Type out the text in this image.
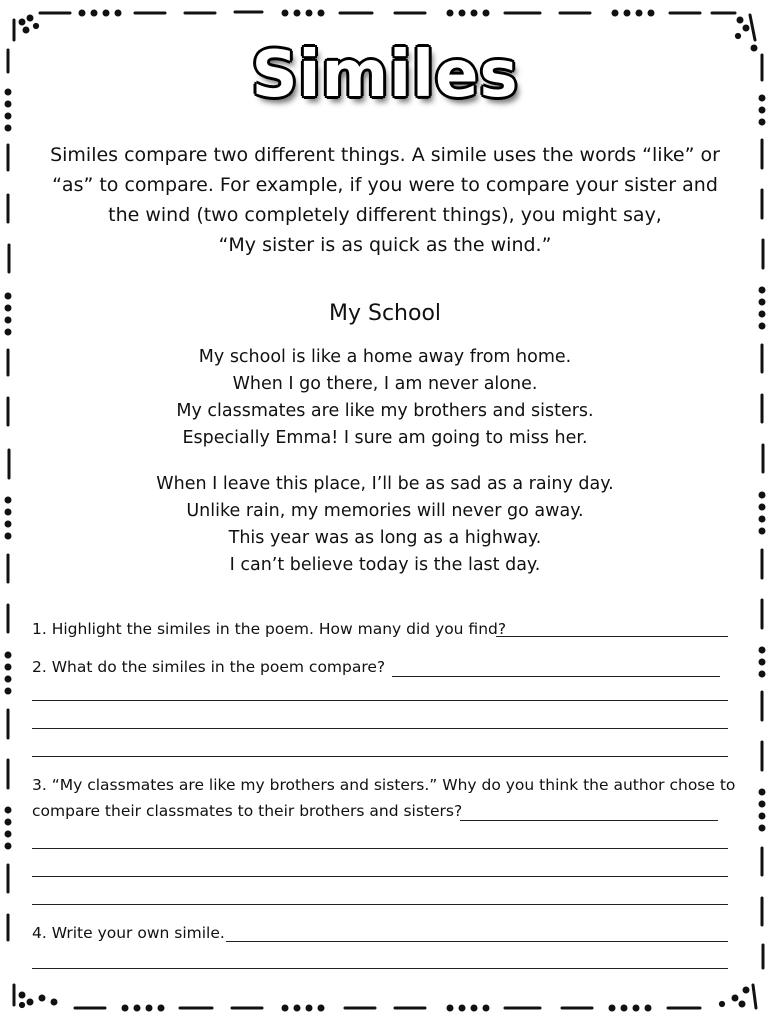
Similes
Similes compare two different things. A simile uses the words “like” or
“as” to compare. For example, if you were to compare your sister and
the wind (two completely different things), you might say,
“My sister is as quick as the wind.”
My School
My school is like a home away from home.
When I go there, I am never alone.
My classmates are like my brothers and sisters.
Especially Emma! I sure am going to miss her.
When I leave this place, I’ll be as sad as a rainy day.
Unlike rain, my memories will never go away.
This year was as long as a highway.
I can’t believe today is the last day.
1. Highlight the similes in the poem. How many did you find?
2. What do the similes in the poem compare?
3. “My classmates are like my brothers and sisters.” Why do you think the author chose to
compare their classmates to their brothers and sisters?
4. Write your own simile.
